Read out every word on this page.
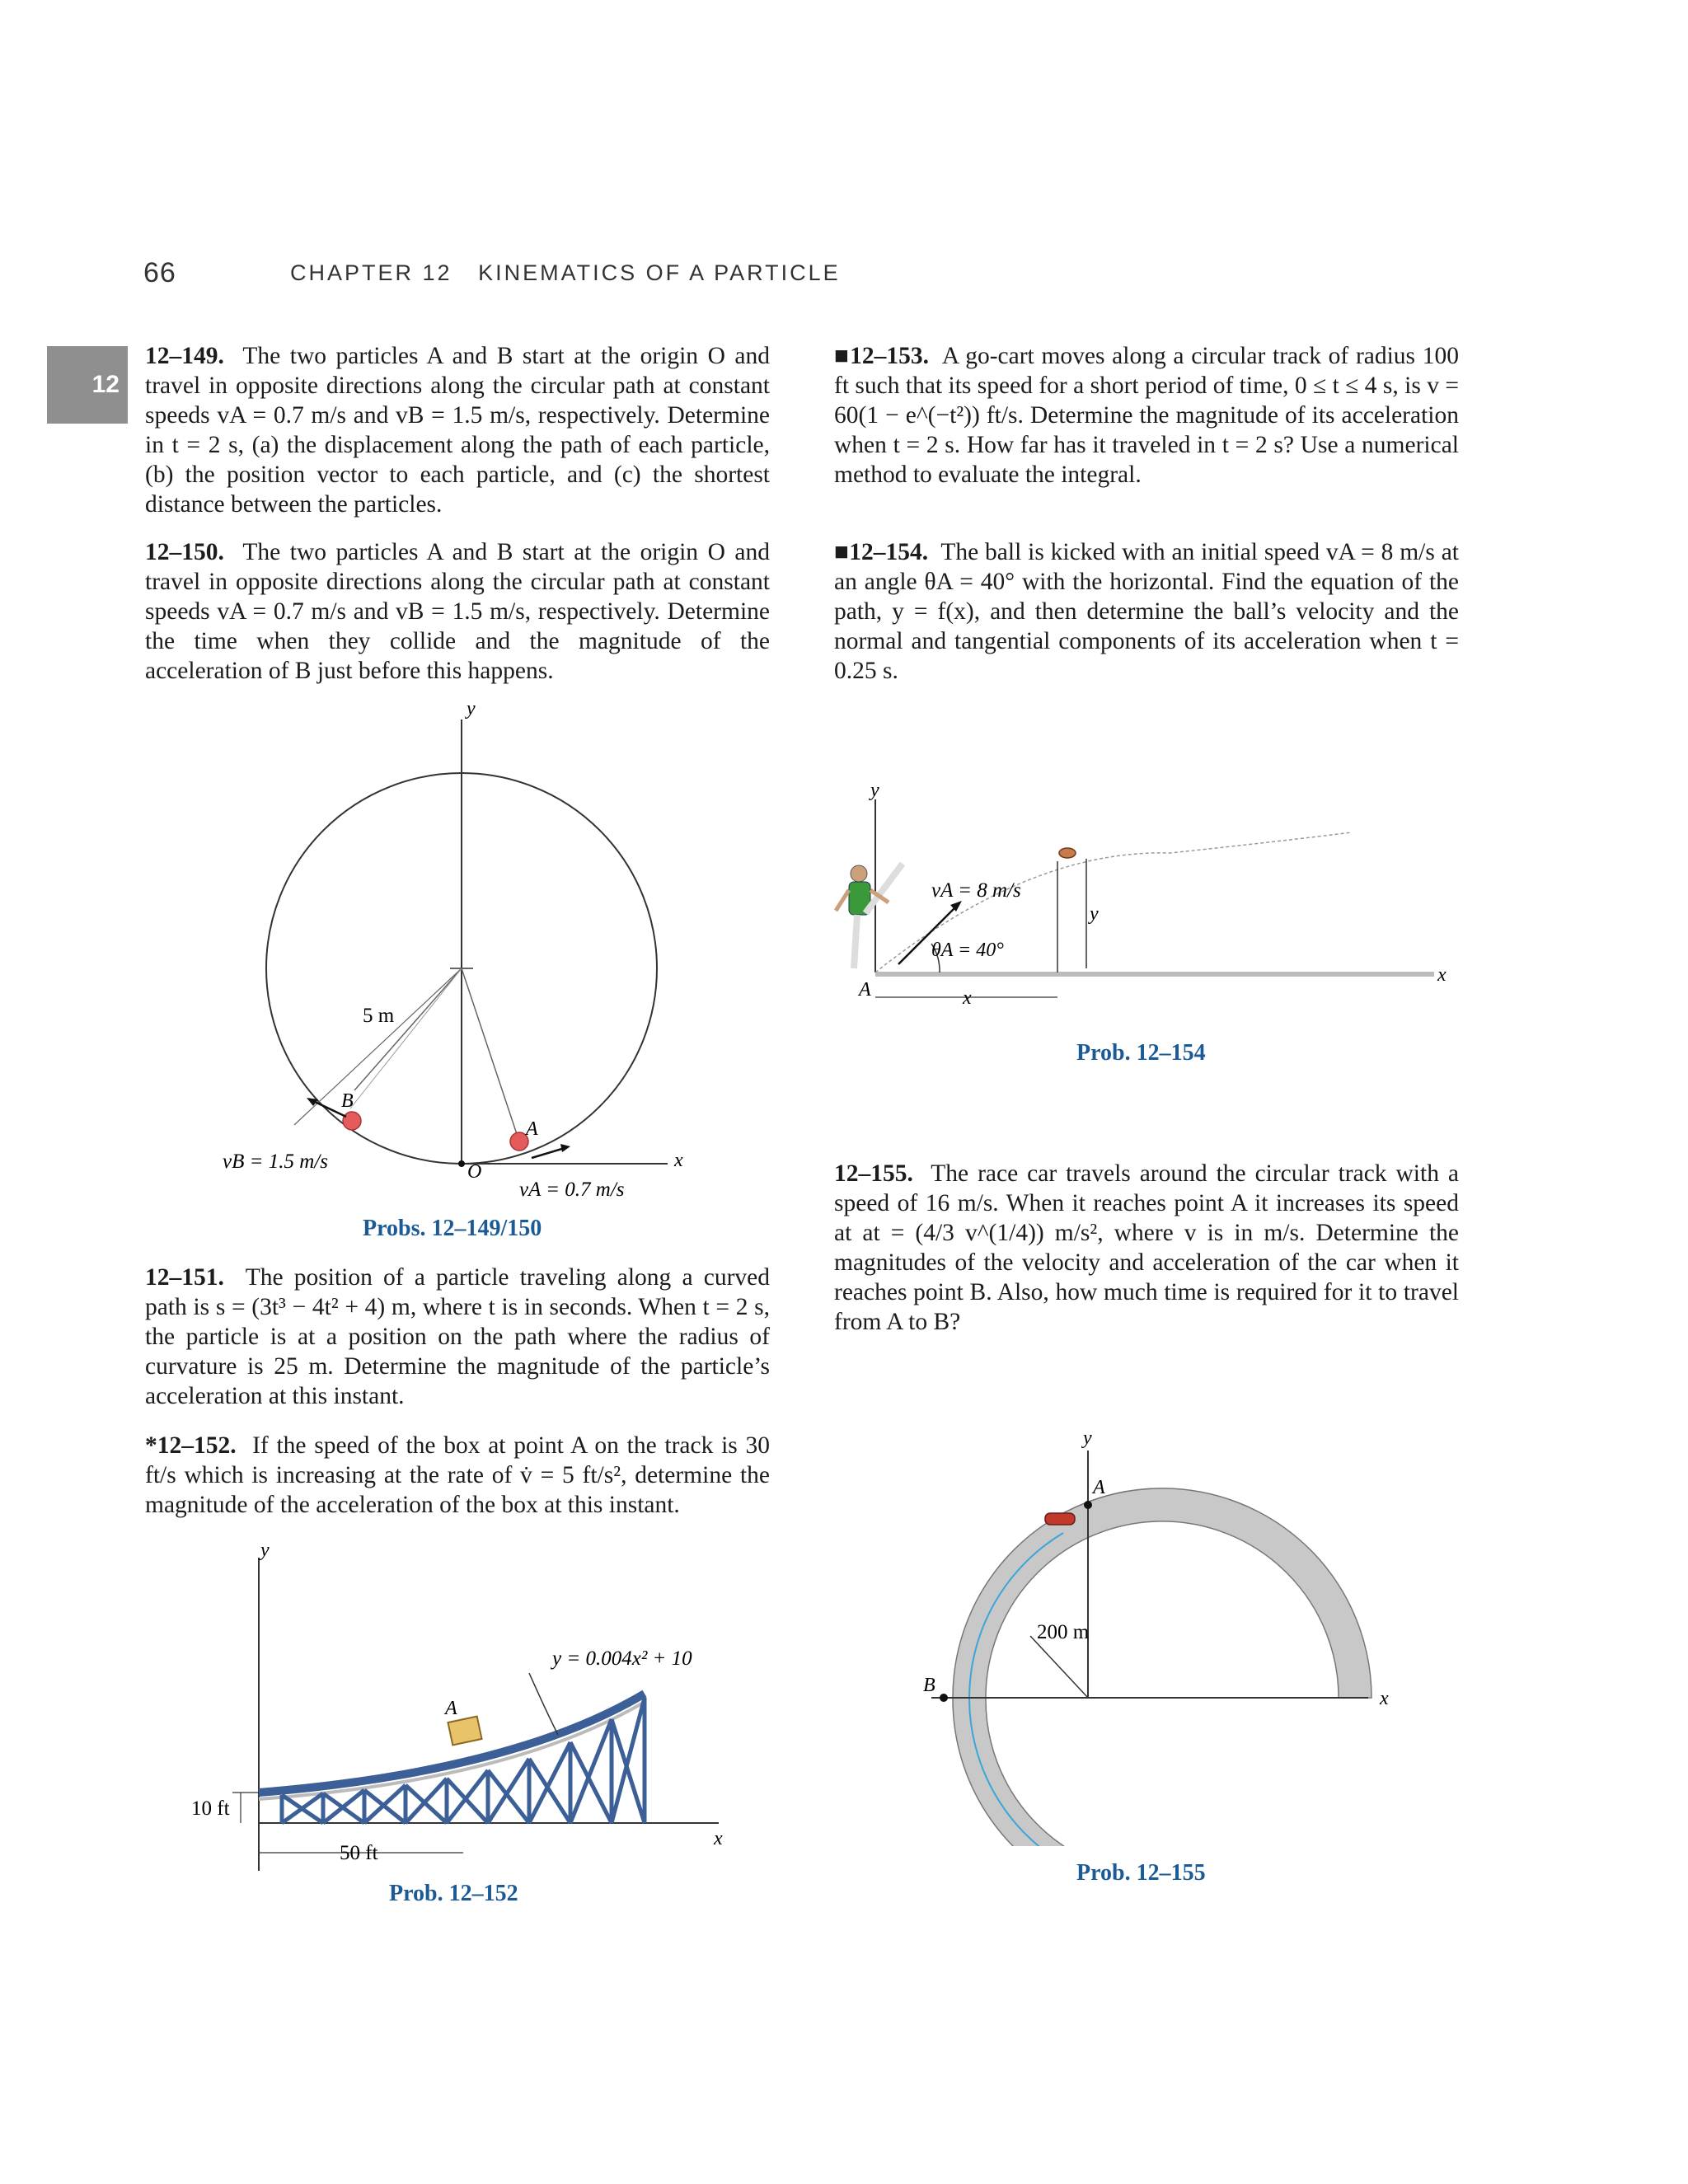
66	CHAPTER 12 KINEMATICS OF A PARTICLE
12
12–149. The two particles A and B start at the origin O and travel in opposite directions along the circular path at constant speeds vA = 0.7 m/s and vB = 1.5 m/s, respectively. Determine in t = 2 s, (a) the displacement along the path of each particle, (b) the position vector to each particle, and (c) the shortest distance between the particles.
12–150. The two particles A and B start at the origin O and travel in opposite directions along the circular path at constant speeds vA = 0.7 m/s and vB = 1.5 m/s, respectively. Determine the time when they collide and the magnitude of the acceleration of B just before this happens.
12–151. The position of a particle traveling along a curved path is s = (3t³ − 4t² + 4) m, where t is in seconds. When t = 2 s, the particle is at a position on the path where the radius of curvature is 25 m. Determine the magnitude of the particle’s acceleration at this instant.
*12–152. If the speed of the box at point A on the track is 30 ft/s which is increasing at the rate of v̇ = 5 ft/s², determine the magnitude of the acceleration of the box at this instant.
■12–153. A go-cart moves along a circular track of radius 100 ft such that its speed for a short period of time, 0 ≤ t ≤ 4 s, is v = 60(1 − e^(−t²)) ft/s. Determine the magnitude of its acceleration when t = 2 s. How far has it traveled in t = 2 s? Use a numerical method to evaluate the integral.
■12–154. The ball is kicked with an initial speed vA = 8 m/s at an angle θA = 40° with the horizontal. Find the equation of the path, y = f(x), and then determine the ball’s velocity and the normal and tangential components of its acceleration when t = 0.25 s.
12–155. The race car travels around the circular track with a speed of 16 m/s. When it reaches point A it increases its speed at at = (4/3 v^(1/4)) m/s², where v is in m/s. Determine the magnitudes of the velocity and acceleration of the car when it reaches point B. Also, how much time is required for it to travel from A to B?
y
x
5 m
B
A
O
vB = 1.5 m/s
vA = 0.7 m/s
Probs. 12–149/150
y
x
A
y = 0.004x² + 10
10 ft
50 ft
Prob. 12–152
y
x
A
vA = 8 m/s
θA = 40°
y
x
Prob. 12–154
y
x
A
B
200 m
Prob. 12–155
